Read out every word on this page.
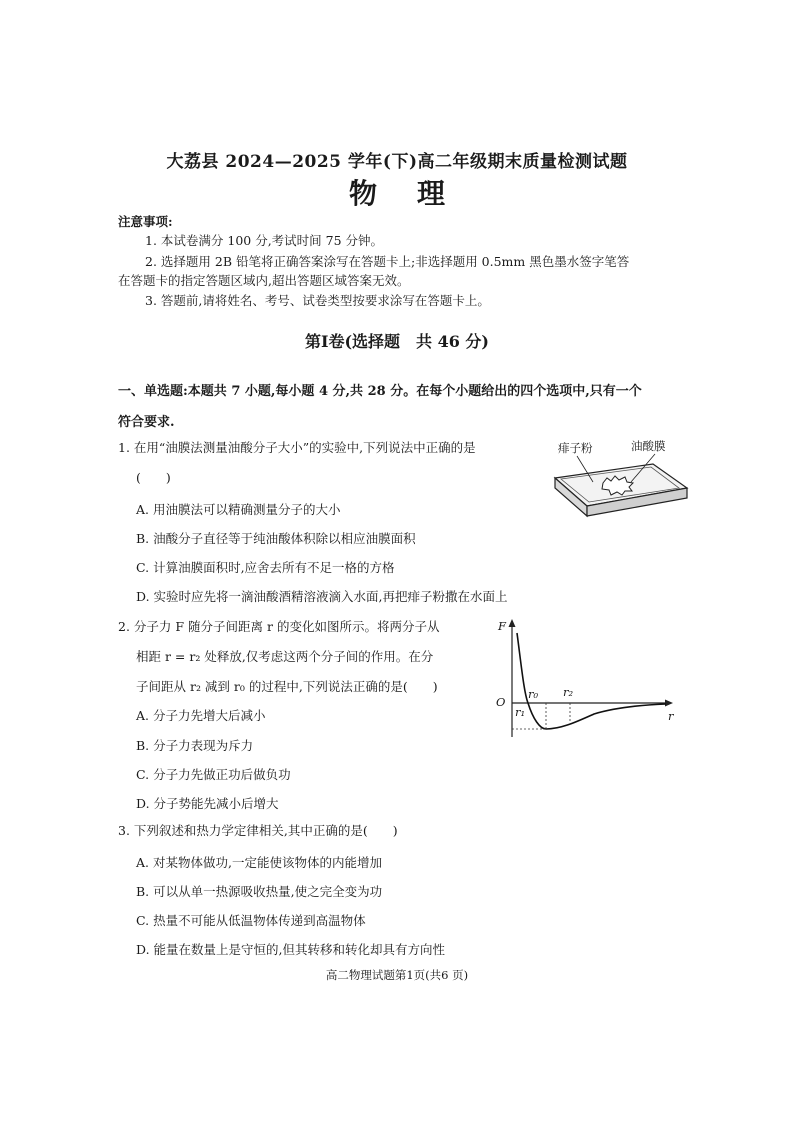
大荔县 2024—2025 学年(下)高二年级期末质量检测试题
物理
注意事项:
1. 本试卷满分 100 分,考试时间 75 分钟。
2. 选择题用 2B 铅笔将正确答案涂写在答题卡上;非选择题用 0.5mm 黑色墨水签字笔答
在答题卡的指定答题区域内,超出答题区域答案无效。
3. 答题前,请将姓名、考号、试卷类型按要求涂写在答题卡上。
第Ⅰ卷(选择题　共 46 分)
一、单选题:本题共 7 小题,每小题 4 分,共 28 分。在每个小题给出的四个选项中,只有一个
符合要求.
1. 在用“油膜法测量油酸分子大小”的实验中,下列说法中正确的是
(　　)
A. 用油膜法可以精确测量分子的大小
B. 油酸分子直径等于纯油酸体积除以相应油膜面积
C. 计算油膜面积时,应舍去所有不足一格的方格
D. 实验时应先将一滴油酸酒精溶液滴入水面,再把痱子粉撒在水面上
痱子粉	油酸膜
2. 分子力 F 随分子间距离 r 的变化如图所示。将两分子从
相距 r = r₂ 处释放,仅考虑这两个分子间的作用。在分
子间距从 r₂ 减到 r₀ 的过程中,下列说法正确的是(　　)
A. 分子力先增大后减小
B. 分子力表现为斥力
C. 分子力先做正功后做负功
D. 分子势能先减小后增大
F
r
O
r₀
r₁
r₂
3. 下列叙述和热力学定律相关,其中正确的是(　　)
A. 对某物体做功,一定能使该物体的内能增加
B. 可以从单一热源吸收热量,使之完全变为功
C. 热量不可能从低温物体传递到高温物体
D. 能量在数量上是守恒的,但其转移和转化却具有方向性
高二物理试题第1页(共6 页)
